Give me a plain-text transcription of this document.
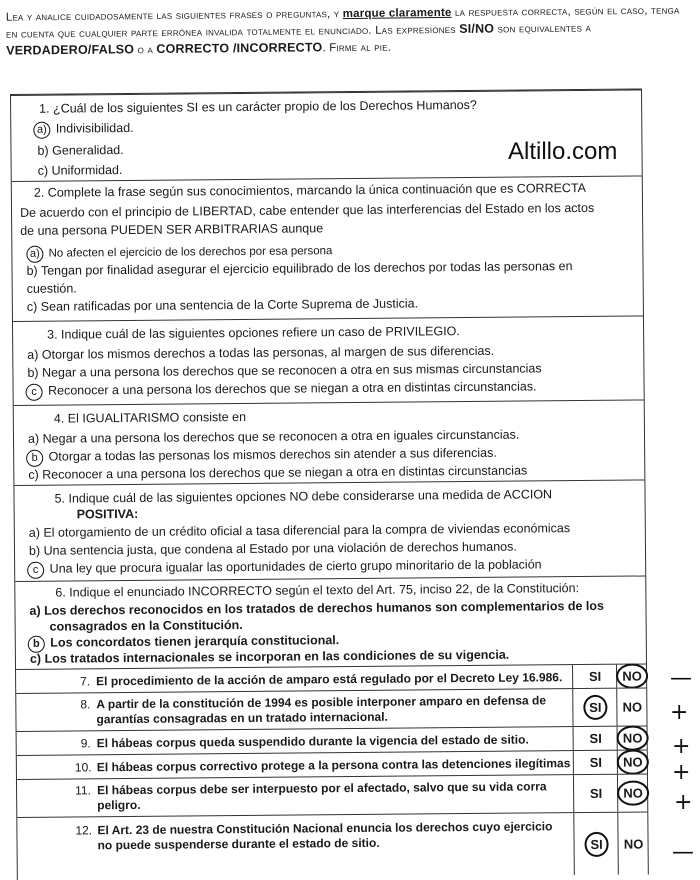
Lea y analice cuidadosamente las siguientes frases o preguntas, y marque claramente la respuesta correcta, según el caso, tenga en cuenta que cualquier parte errónea invalida totalmente el enunciado. Las expresiones SI/NO son equivalentes a VERDADERO/FALSO o a CORRECTO /INCORRECTO. Firme al pie.
Altillo.com
1. ¿Cuál de los siguientes SI es un carácter propio de los Derechos Humanos?
a) Indivisibilidad.
b) Generalidad.
c) Uniformidad.
2. Complete la frase según sus conocimientos, marcando la única continuación que es CORRECTA
De acuerdo con el principio de LIBERTAD, cabe entender que las interferencias del Estado en los actos
de una persona PUEDEN SER ARBITRARIAS aunque
a) No afecten el ejercicio de los derechos por esa persona
b) Tengan por finalidad asegurar el ejercicio equilibrado de los derechos por todas las personas en
cuestión.
c) Sean ratificadas por una sentencia de la Corte Suprema de Justicia.
3. Indique cuál de las siguientes opciones refiere un caso de PRIVILEGIO.
a) Otorgar los mismos derechos a todas las personas, al margen de sus diferencias.
b) Negar a una persona los derechos que se reconocen a otra en sus mismas circunstancias
c Reconocer a una persona los derechos que se niegan a otra en distintas circunstancias.
4. El IGUALITARISMO consiste en
a) Negar a una persona los derechos que se reconocen a otra en iguales circunstancias.
b Otorgar a todas las personas los mismos derechos sin atender a sus diferencias.
c) Reconocer a una persona los derechos que se niegan a otra en distintas circunstancias
5. Indique cuál de las siguientes opciones NO debe considerarse una medida de ACCION
POSITIVA:
a) El otorgamiento de un crédito oficial a tasa diferencial para la compra de viviendas económicas
b) Una sentencia justa, que condena al Estado por una violación de derechos humanos.
c Una ley que procura igualar las oportunidades de cierto grupo minoritario de la población
6. Indique el enunciado INCORRECTO según el texto del Art. 75, inciso 22, de la Constitución:
a) Los derechos reconocidos en los tratados de derechos humanos son complementarios de los
consagrados en la Constitución.
b Los concordatos tienen jerarquía constitucional.
c) Los tratados internacionales se incorporan en las condiciones de su vigencia.
7. El procedimiento de la acción de amparo está regulado por el Decreto Ley 16.986. SI	NO
8. A partir de la constitución de 1994 es posible interponer amparo en defensa de garantías consagradas en un tratado internacional.
SI	NO
9. El hábeas corpus queda suspendido durante la vigencia del estado de sitio.	SI	NO
10. El hábeas corpus correctivo protege a la persona contra las detenciones ilegítimas SI	NO
11. El hábeas corpus debe ser interpuesto por el afectado, salvo que su vida corra peligro.
SI	NO
12. El Art. 23 de nuestra Constitución Nacional enuncia los derechos cuyo ejercicio no puede suspenderse durante el estado de sitio.	SI	NO
—
+
+
+
+
—
